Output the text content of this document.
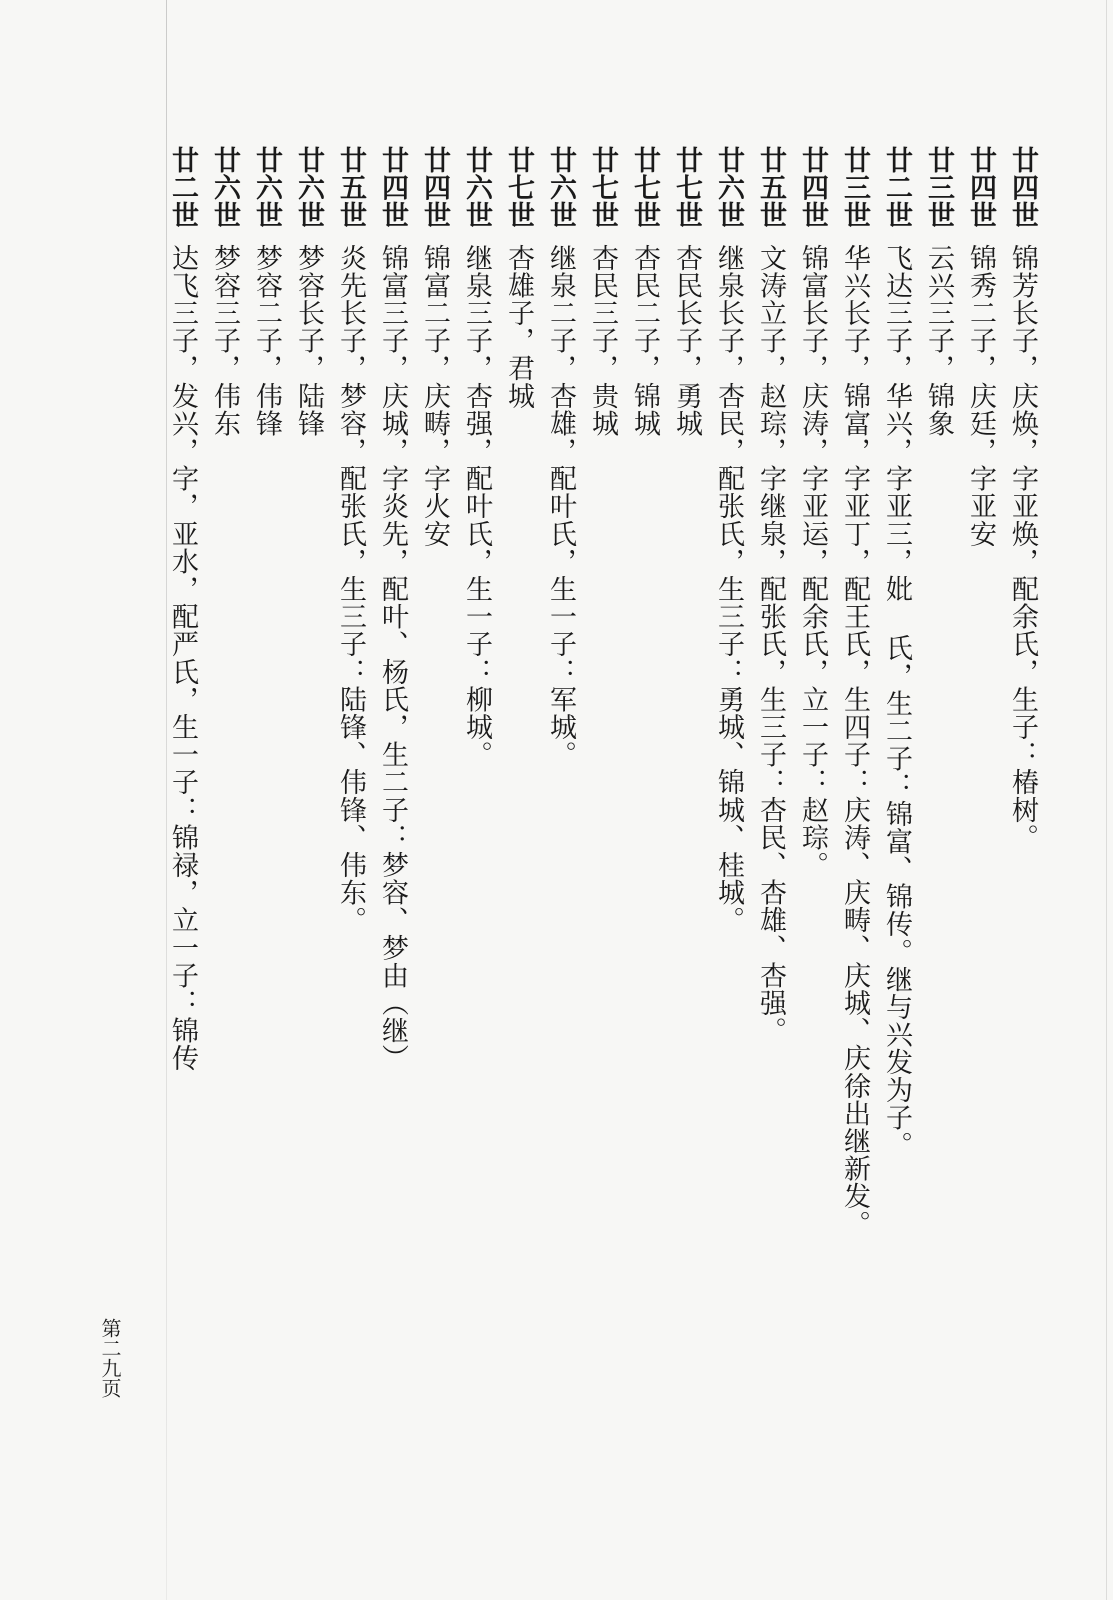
廿四世
锦芳长子，庆焕，字亚焕，配余氏，生子：椿树。
廿四世
锦秀二子，庆廷，字亚安
廿三世
云兴三子，锦象
廿二世
飞达三子，华兴，字亚三，妣 氏，生二子：锦富、锦传。继与兴发为子。
廿三世
华兴长子，锦富，字亚丁，配王氏，生四子：庆涛、庆畴、庆城、庆徐出继新发。
廿四世
锦富长子，庆涛，字亚运，配余氏，立一子：赵琮。
廿五世
文涛立子，赵琮，字继泉，配张氏，生三子：杏民、杏雄、杏强。
廿六世
继泉长子，杏民，配张氏，生三子：勇城、锦城、桂城。
廿七世
杏民长子，勇城
廿七世
杏民二子，锦城
廿七世
杏民三子，贵城
廿六世
继泉二子，杏雄，配叶氏，生一子：军城。
廿七世
杏雄子，君城
廿六世
继泉三子，杏强，配叶氏，生一子：柳城。
廿四世
锦富二子，庆畴，字火安
廿四世
锦富三子，庆城，字炎先，配叶、杨氏，生二子：梦容、梦由（继）
廿五世
炎先长子，梦容，配张氏，生三子：陆锋、伟锋、伟东。
廿六世
梦容长子，陆锋
廿六世
梦容二子，伟锋
廿六世
梦容三子，伟东
廿二世
达飞三子，发兴，字，亚水，配严氏，生一子：锦禄，立一子：锦传
第二九页
